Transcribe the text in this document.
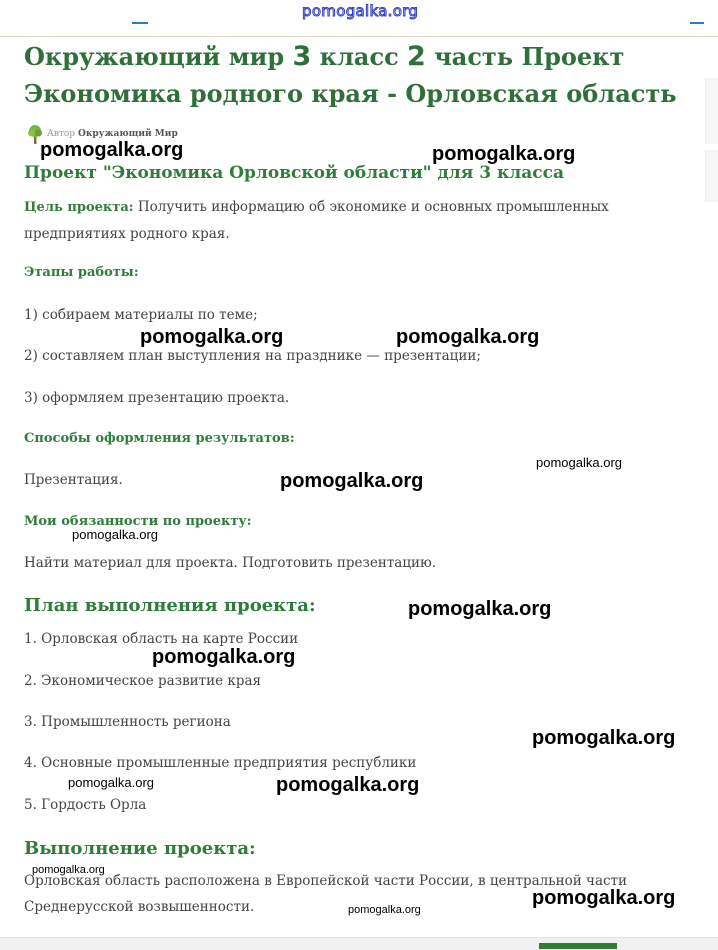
pomogalka.org
Окружающий мир 3 класс 2 часть Проект
Экономика родного края - Орловская область
Автор Окружающий Мир
Проект "Экономика Орловской области" для 3 класса

Цель проекта: Получить информацию об экономике и основных промышленных предприятиях родного края.

Этапы работы:

1) собираем материалы по теме;

2) составляем план выступления на празднике — презентации;

3) оформляем презентацию проекта.

Способы оформления результатов:

Презентация.

Мои обязанности по проекту:

Найти материал для проекта. Подготовить презентацию.

План выполнения проекта:

1. Орловская область на карте России

2. Экономическое развитие края

3. Промышленность региона

4. Основные промышленные предприятия республики

5. Гордость Орла

Выполнение проекта:

Орловская область расположена в Европейской части России, в центральной части Среднерусской возвышенности.

pomogalka.org	pomogalka.org
pomogalka.org	pomogalka.org
pomogalka.org
pomogalka.org
pomogalka.org
pomogalka.org
pomogalka.org
pomogalka.org
pomogalka.org	pomogalka.org
pomogalka.org
pomogalka.org
pomogalka.org
